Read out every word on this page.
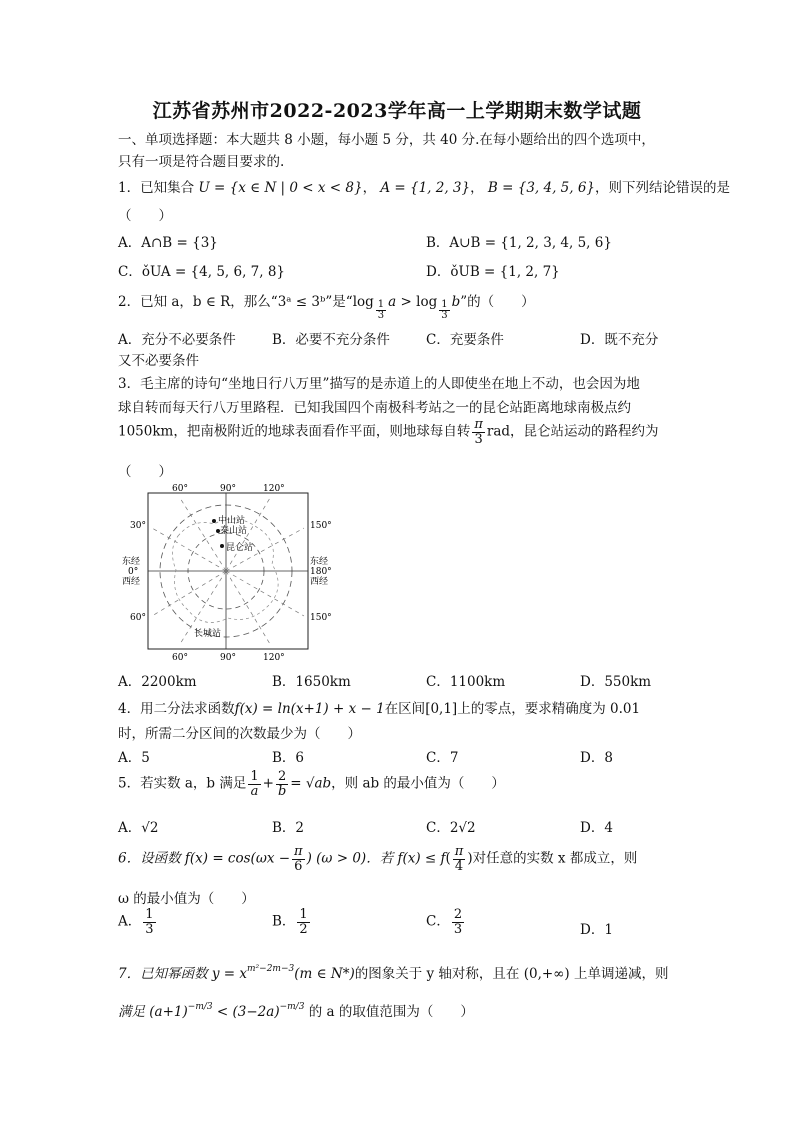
江苏省苏州市2022-2023学年高一上学期期末数学试题
一、单项选择题：本大题共 8 小题，每小题 5 分，共 40 分.在每小题给出的四个选项中，
只有一项是符合题目要求的.
1．已知集合 U = {x ∈ N | 0 < x < 8}， A = {1, 2, 3}， B = {3, 4, 5, 6}，则下列结论错误的是
（　　）
A．A∩B = {3}	B．A∪B = {1, 2, 3, 4, 5, 6}
C．ǒUA = {4, 5, 6, 7, 8}	D．ǒUB = {1, 2, 7}
2．已知 a，b ∈ R，那么“3ᵃ ≤ 3ᵇ”是“$\log \frac{1}{3}$ $a > \log \frac{1}{3} b$”的（　　）
A．充分不必要条件	B．必要不充分条件	C．充要条件	D．既不充分
又不必要条件
3．毛主席的诗句“坐地日行八万里”描写的是赤道上的人即使坐在地上不动，也会因为地
球自转而每天行八万里路程．已知我国四个南极科考站之一的昆仑站距离地球南极点约
1050km，把南极附近的地球表面看作平面，则地球每自转 $\frac{\pi}{3}$ rad，昆仑站运动的路程约为
（　　）
60°	90°	120°
30°	150°
东经
0°
西经
东经
180°
西经
60°	150°
60°	90°	120°
中山站
泰山站
昆仑站
长城站
A．2200km	B．1650km	C．1100km	D．550km
4．用二分法求函数f(x) = ln(x+1) + x − 1在区间[0,1]上的零点，要求精确度为 0.01
时，所需二分区间的次数最少为（　　）
A．5	B．6	C．7	D．8
5．若实数 a，b 满足 $\frac{1}{a} + \frac{2}{b} = √ab$，则 ab 的最小值为（　　）
A．√2	B．2	C．2√2	D．4
6．设函数 $f(x) = \cos(\omega x - \frac{\pi}{6}$ ) (ω > 0)．若 $f(x) \le f( \frac{\pi}{4}$ )对任意的实数 x 都成立，则
ω 的最小值为（　　）
A． $\frac{1}{3}$	B． $\frac{1}{2}$	C． $\frac{2}{3}$	D．1
7．已知幂函数 $y = x^{m^2-2m-3}(m$ ∈ N*)的图象关于 y 轴对称，且在 (0,+∞) 上单调递减，则
满足 $(a+1)^{-m/3} < (3-2a)^{-m/3}$ 的 a 的取值范围为（　　）
